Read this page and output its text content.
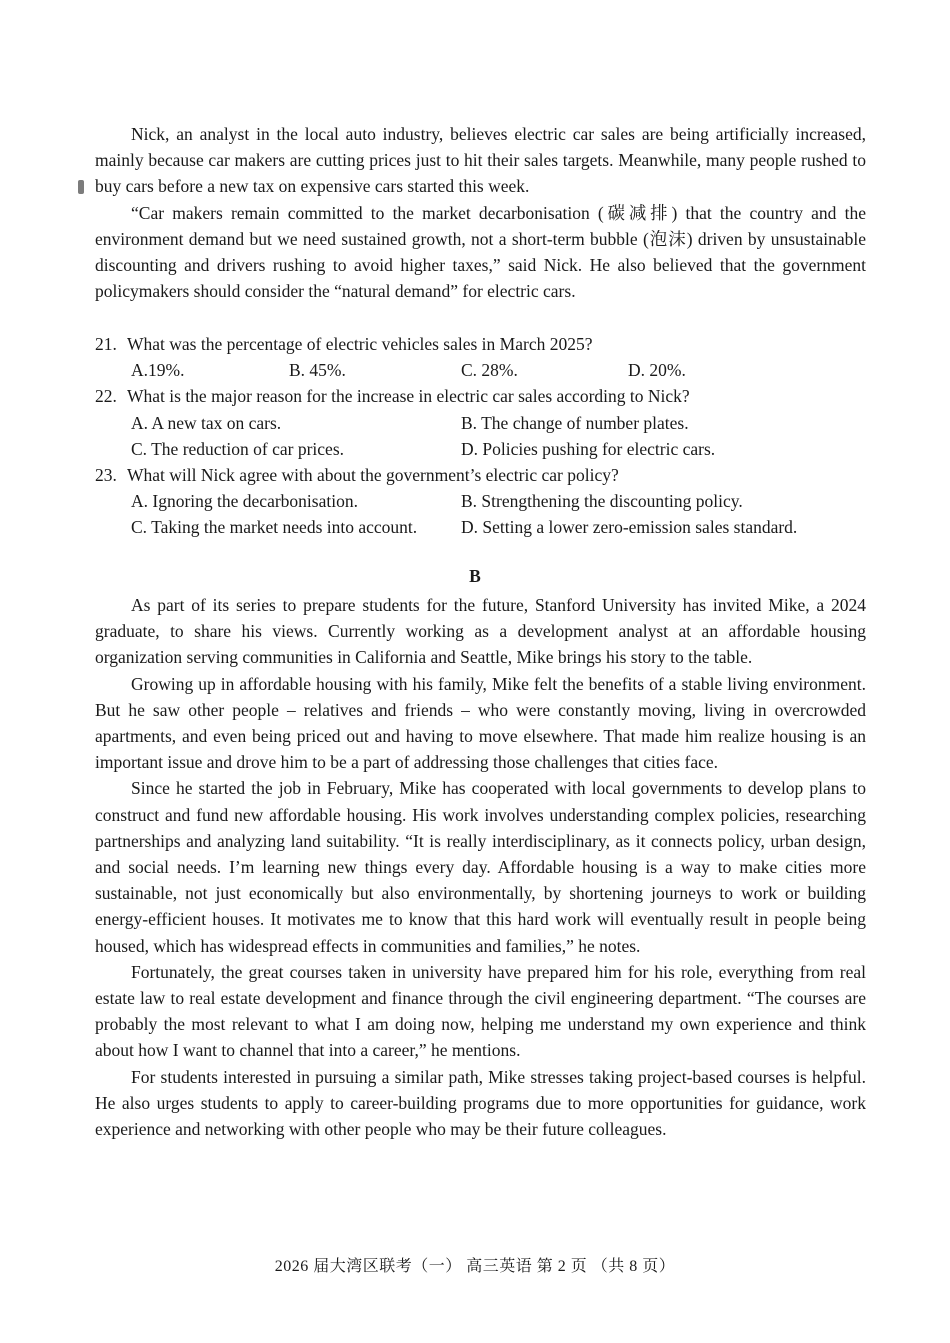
Nick, an analyst in the local auto industry, believes electric car sales are being artificially increased, mainly because car makers are cutting prices just to hit their sales targets. Meanwhile, many people rushed to buy cars before a new tax on expensive cars started this week.

“Car makers remain committed to the market decarbonisation (碳减排) that the country and the environment demand but we need sustained growth, not a short-term bubble (泡沫) driven by unsustainable discounting and drivers rushing to avoid higher taxes,” said Nick. He also believed that the government policymakers should consider the “natural demand” for electric cars.

21. What was the percentage of electric vehicles sales in March 2025?
A.19%.	B. 45%.	C. 28%.	D. 20%.
22. What is the major reason for the increase in electric car sales according to Nick?
A. A new tax on cars.	B. The change of number plates.
C. The reduction of car prices.	D. Policies pushing for electric cars.
23. What will Nick agree with about the government’s electric car policy?
A. Ignoring the decarbonisation.	B. Strengthening the discounting policy.
C. Taking the market needs into account.	D. Setting a lower zero-emission sales standard.
B

As part of its series to prepare students for the future, Stanford University has invited Mike, a 2024 graduate, to share his views. Currently working as a development analyst at an affordable housing organization serving communities in California and Seattle, Mike brings his story to the table.

Growing up in affordable housing with his family, Mike felt the benefits of a stable living environment. But he saw other people – relatives and friends – who were constantly moving, living in overcrowded apartments, and even being priced out and having to move elsewhere. That made him realize housing is an important issue and drove him to be a part of addressing those challenges that cities face.

Since he started the job in February, Mike has cooperated with local governments to develop plans to construct and fund new affordable housing. His work involves understanding complex policies, researching partnerships and analyzing land suitability. “It is really interdisciplinary, as it connects policy, urban design, and social needs. I’m learning new things every day. Affordable housing is a way to make cities more sustainable, not just economically but also environmentally, by shortening journeys to work or building energy-efficient houses. It motivates me to know that this hard work will eventually result in people being housed, which has widespread effects in communities and families,” he notes.

Fortunately, the great courses taken in university have prepared him for his role, everything from real estate law to real estate development and finance through the civil engineering department. “The courses are probably the most relevant to what I am doing now, helping me understand my own experience and think about how I want to channel that into a career,” he mentions.

For students interested in pursuing a similar path, Mike stresses taking project-based courses is helpful. He also urges students to apply to career-building programs due to more opportunities for guidance, work experience and networking with other people who may be their future colleagues.

2026 届大湾区联考（一） 高三英语 第 2 页 （共 8 页）
